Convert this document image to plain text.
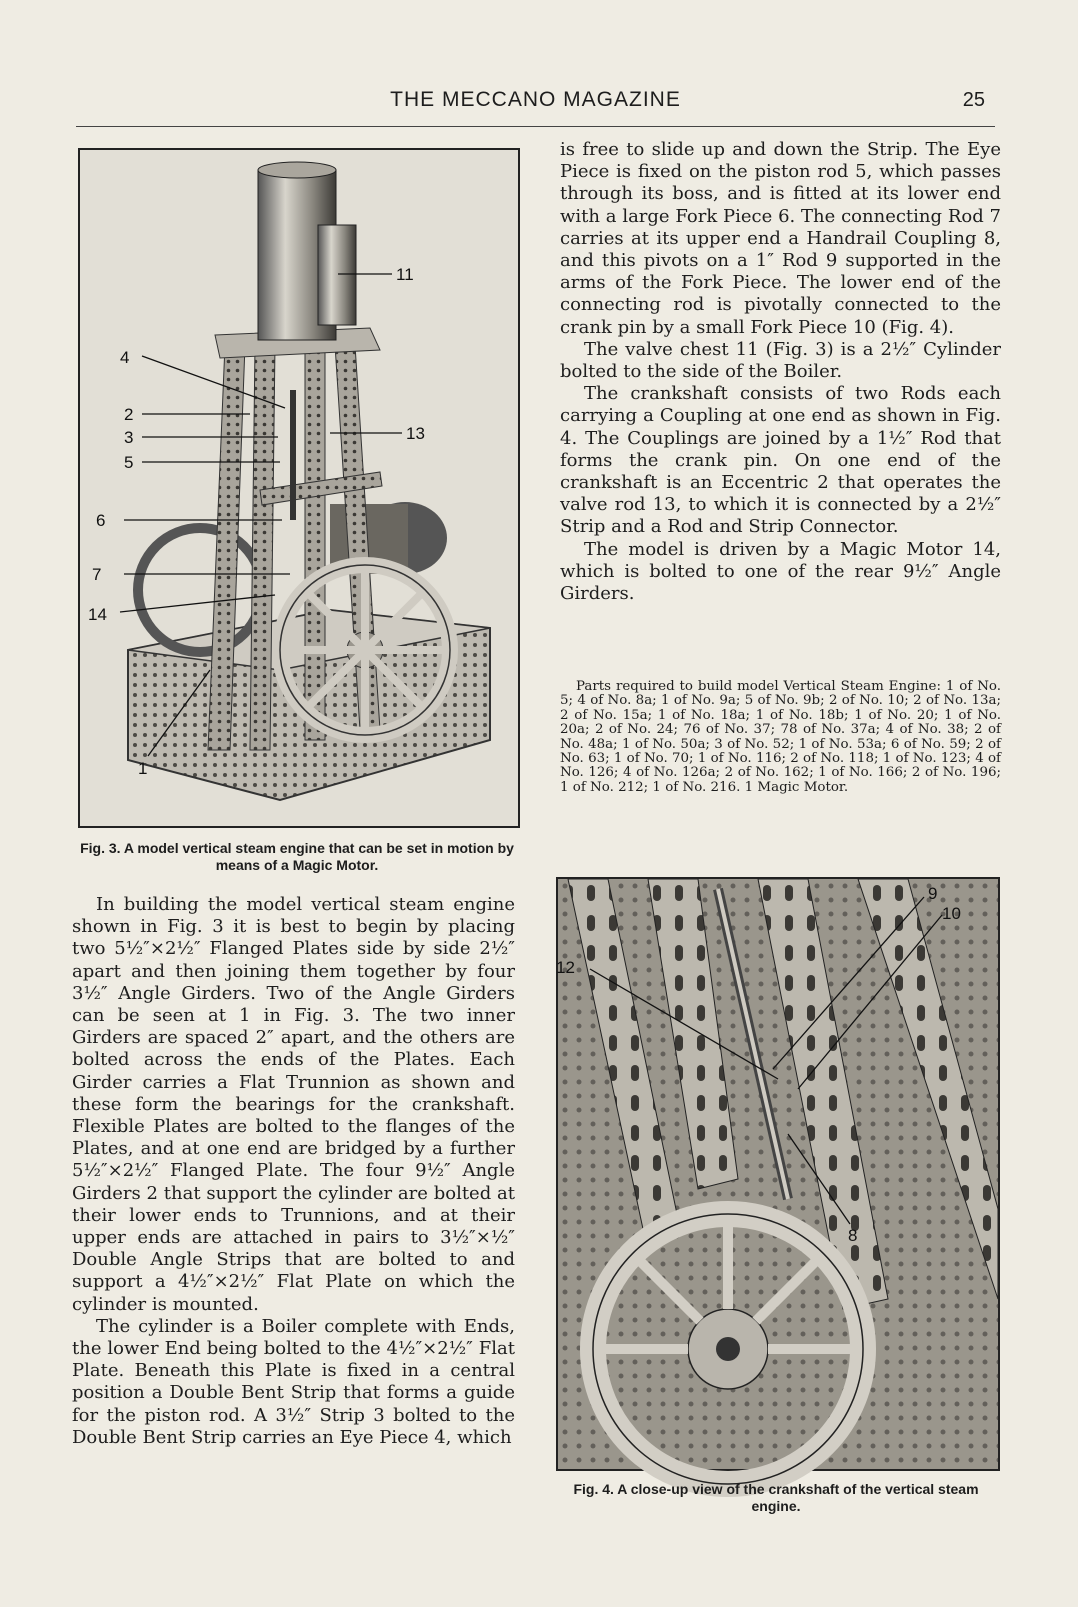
THE MECCANO MAGAZINE	25
4
2
3
5
6
7
14
1
11
13
Fig. 3. A model vertical steam engine that can be set in motion by means of a Magic Motor.

In building the model vertical steam engine shown in Fig. 3 it is best to begin by placing two 5½″×2½″ Flanged Plates side by side 2½″ apart and then joining them together by four 3½″ Angle Girders. Two of the Angle Girders can be seen at 1 in Fig. 3. The two inner Girders are spaced 2″ apart, and the others are bolted across the ends of the Plates. Each Girder carries a Flat Trunnion as shown and these form the bearings for the crankshaft. Flexible Plates are bolted to the flanges of the Plates, and at one end are bridged by a further 5½″×2½″ Flanged Plate. The four 9½″ Angle Girders 2 that support the cylinder are bolted at their lower ends to Trunnions, and at their upper ends are attached in pairs to 3½″×½″ Double Angle Strips that are bolted to and support a 4½″×2½″ Flat Plate on which the cylinder is mounted.

The cylinder is a Boiler complete with Ends, the lower End being bolted to the 4½″×2½″ Flat Plate. Beneath this Plate is fixed in a central position a Double Bent Strip that forms a guide for the piston rod. A 3½″ Strip 3 bolted to the Double Bent Strip carries an Eye Piece 4, which

is free to slide up and down the Strip. The Eye Piece is fixed on the piston rod 5, which passes through its boss, and is fitted at its lower end with a large Fork Piece 6. The connecting Rod 7 carries at its upper end a Handrail Coupling 8, and this pivots on a 1″ Rod 9 supported in the arms of the Fork Piece. The lower end of the connecting rod is pivotally connected to the crank pin by a small Fork Piece 10 (Fig. 4).

The valve chest 11 (Fig. 3) is a 2½″ Cylinder bolted to the side of the Boiler.

The crankshaft consists of two Rods each carrying a Coupling at one end as shown in Fig. 4. The Couplings are joined by a 1½″ Rod that forms the crank pin. On one end of the crankshaft is an Eccentric 2 that operates the valve rod 13, to which it is connected by a 2½″ Strip and a Rod and Strip Connector.

The model is driven by a Magic Motor 14, which is bolted to one of the rear 9½″ Angle Girders.

Parts required to build model Vertical Steam Engine: 1 of No. 5; 4 of No. 8a; 1 of No. 9a; 5 of No. 9b; 2 of No. 10; 2 of No. 13a; 2 of No. 15a; 1 of No. 18a; 1 of No. 18b; 1 of No. 20; 1 of No. 20a; 2 of No. 24; 76 of No. 37; 78 of No. 37a; 4 of No. 38; 2 of No. 48a; 1 of No. 50a; 3 of No. 52; 1 of No. 53a; 6 of No. 59; 2 of No. 63; 1 of No. 70; 1 of No. 116; 2 of No. 118; 1 of No. 123; 4 of No. 126; 4 of No. 126a; 2 of No. 162; 1 of No. 166; 2 of No. 196; 1 of No. 212; 1 of No. 216. 1 Magic Motor.

9
10
12
8
Fig. 4. A close-up view of the crankshaft of the vertical steam engine.
